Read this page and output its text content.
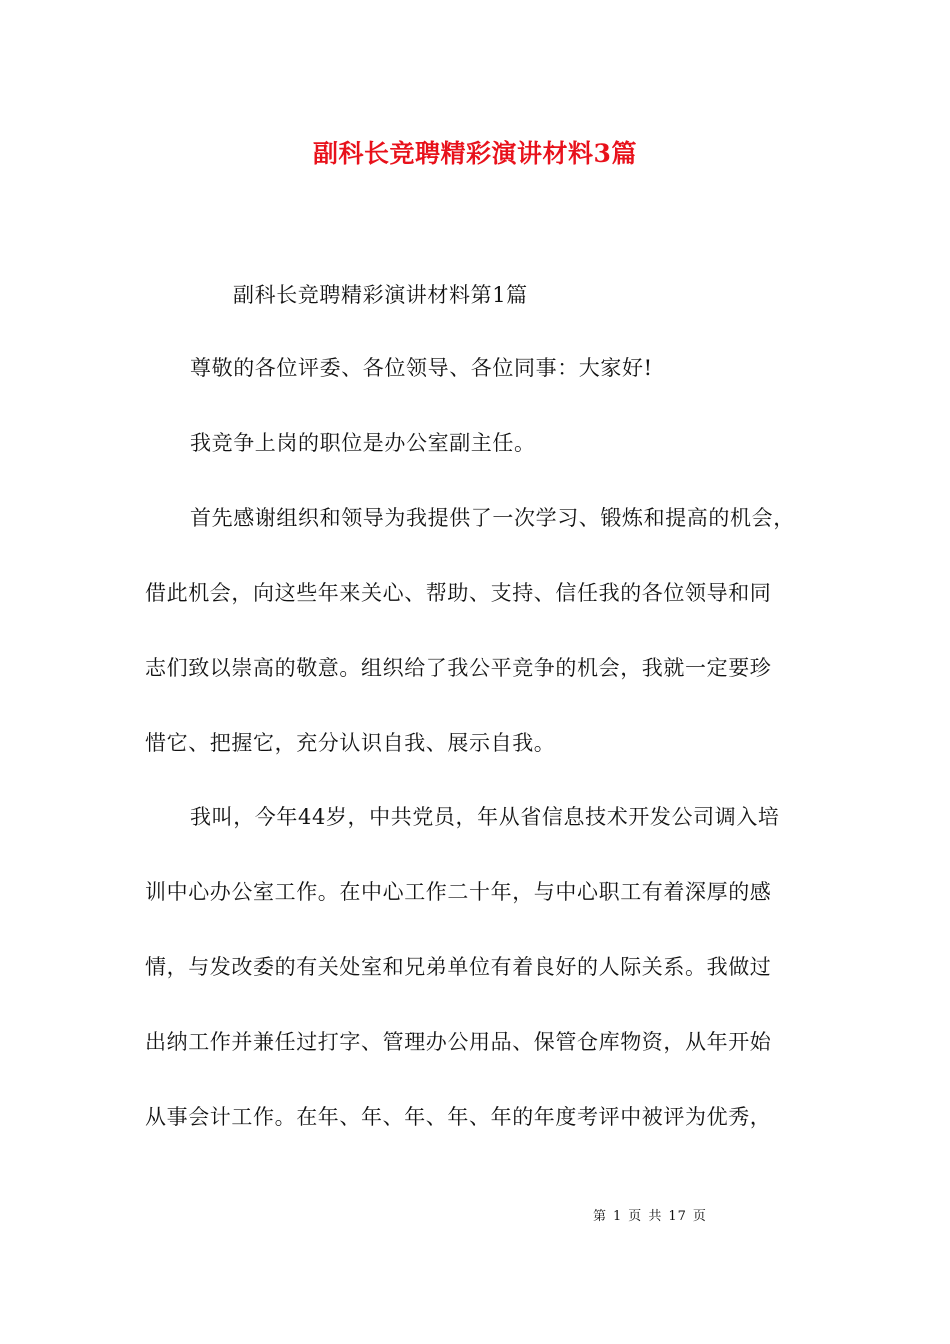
副科长竞聘精彩演讲材料3篇
副科长竞聘精彩演讲材料第1篇
尊敬的各位评委、各位领导、各位同事：大家好!
我竞争上岗的职位是办公室副主任。
首先感谢组织和领导为我提供了一次学习、锻炼和提高的机会，
借此机会，向这些年来关心、帮助、支持、信任我的各位领导和同
志们致以崇高的敬意。组织给了我公平竞争的机会，我就一定要珍
惜它、把握它，充分认识自我、展示自我。
我叫，今年44岁，中共党员，年从省信息技术开发公司调入培
训中心办公室工作。在中心工作二十年，与中心职工有着深厚的感
情，与发改委的有关处室和兄弟单位有着良好的人际关系。我做过
出纳工作并兼任过打字、管理办公用品、保管仓库物资，从年开始
从事会计工作。在年、年、年、年、年的年度考评中被评为优秀，
第 1 页 共 17 页
